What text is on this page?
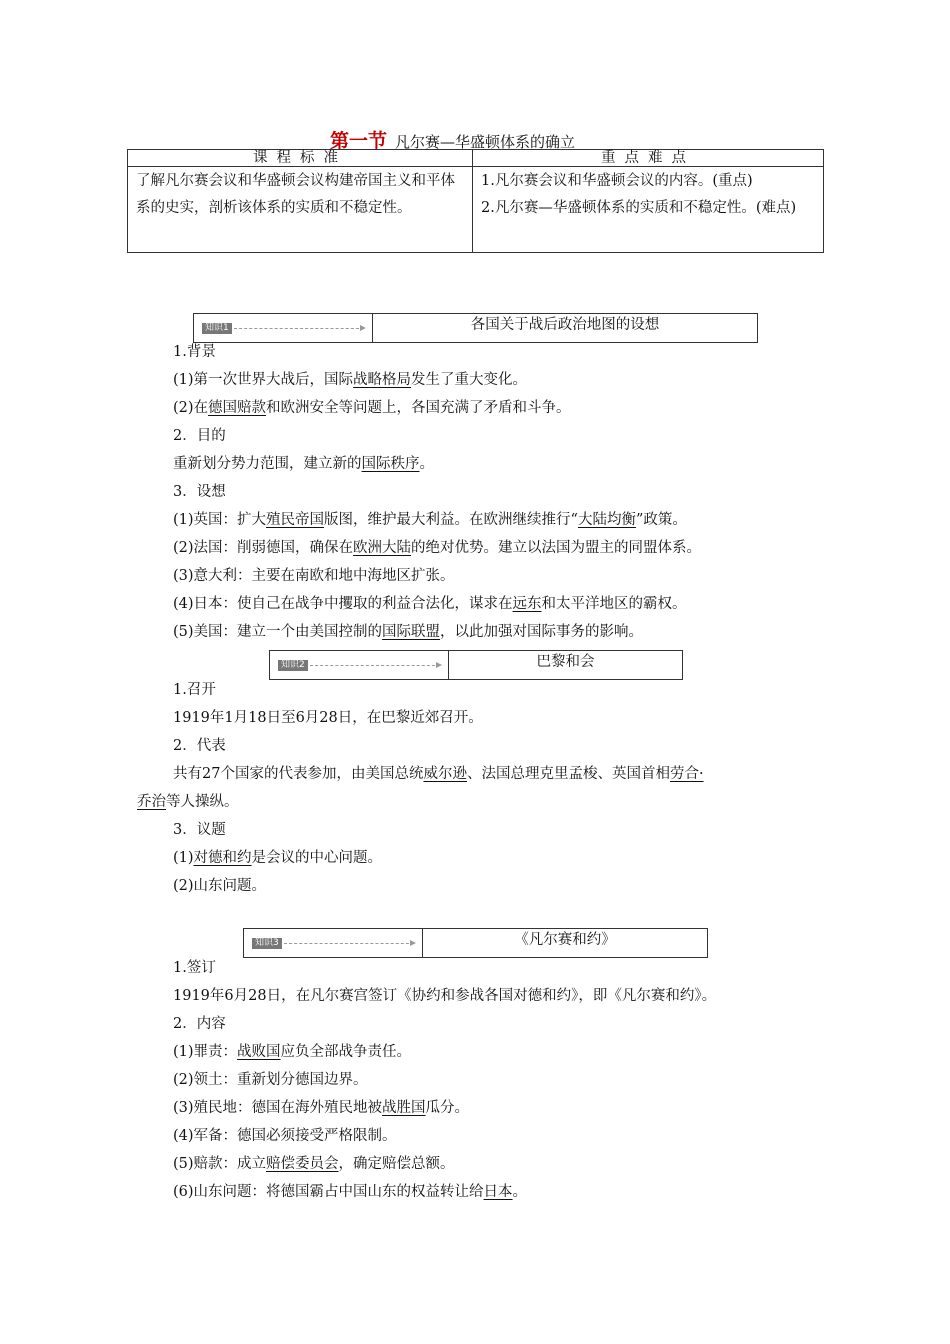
第一节 凡尔赛—华盛顿体系的确立
课程标准	重点难点
了解凡尔赛会议和华盛顿会议构建帝国主义和平体系的史实，剖析该体系的实质和不稳定性。	1.凡尔赛会议和华盛顿会议的内容。(重点)
2.凡尔赛—华盛顿体系的实质和不稳定性。(难点)
知识1	各国关于战后政治地图的设想
1.背景
(1)第一次世界大战后，国际战略格局发生了重大变化。
(2)在德国赔款和欧洲安全等问题上，各国充满了矛盾和斗争。
2．目的
重新划分势力范围，建立新的国际秩序。
3．设想
(1)英国：扩大殖民帝国版图，维护最大利益。在欧洲继续推行“大陆均衡”政策。
(2)法国：削弱德国，确保在欧洲大陆的绝对优势。建立以法国为盟主的同盟体系。
(3)意大利：主要在南欧和地中海地区扩张。
(4)日本：使自己在战争中攫取的利益合法化，谋求在远东和太平洋地区的霸权。
(5)美国：建立一个由美国控制的国际联盟，以此加强对国际事务的影响。
知识2	巴黎和会
1.召开
1919年1月18日至6月28日，在巴黎近郊召开。
2．代表
共有27个国家的代表参加，由美国总统威尔逊、法国总理克里孟梭、英国首相劳合·
乔治等人操纵。
3．议题
(1)对德和约是会议的中心问题。
(2)山东问题。
知识3	《凡尔赛和约》
1.签订
1919年6月28日，在凡尔赛宫签订《协约和参战各国对德和约》，即《凡尔赛和约》。
2．内容
(1)罪责：战败国应负全部战争责任。
(2)领土：重新划分德国边界。
(3)殖民地：德国在海外殖民地被战胜国瓜分。
(4)军备：德国必须接受严格限制。
(5)赔款：成立赔偿委员会，确定赔偿总额。
(6)山东问题：将德国霸占中国山东的权益转让给日本。
